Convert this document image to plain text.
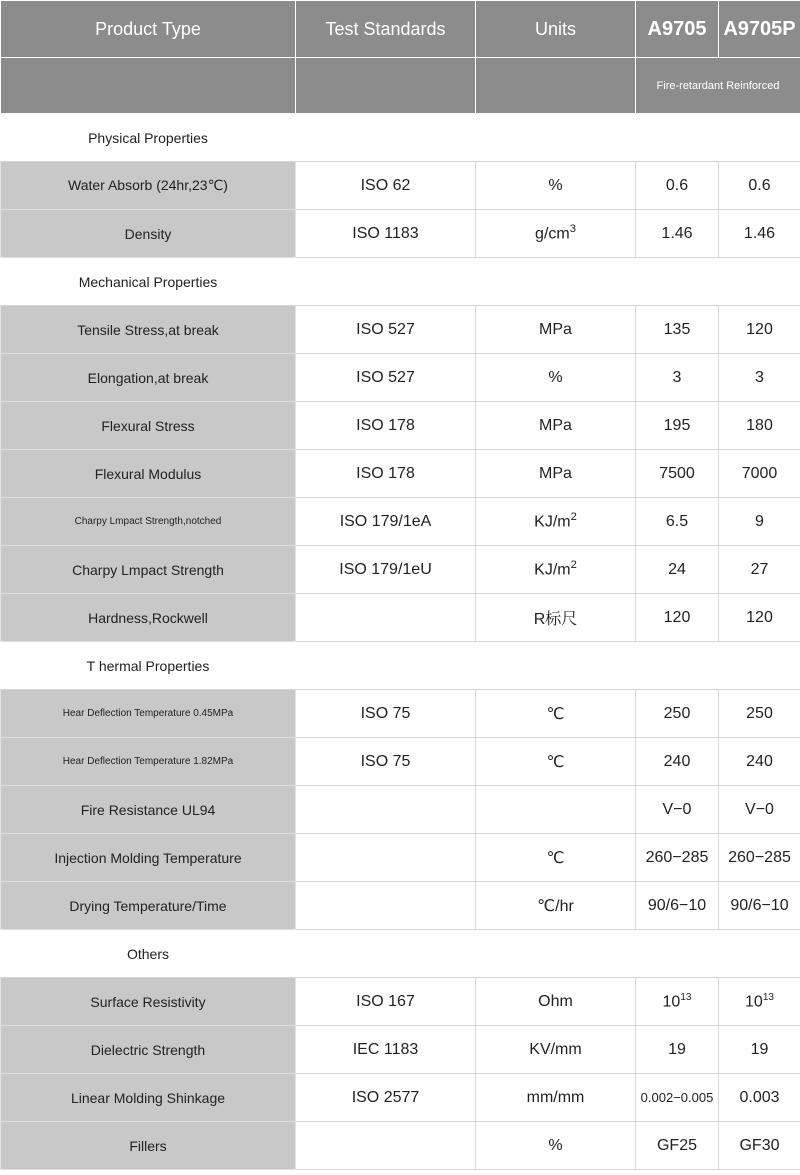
Product Type	Test Standards	Units	A9705	A9705P
			Fire-retardant Reinforced	
Physical Properties				
Water Absorb (24hr,23℃)	ISO 62	%	0.6	0.6
Density	ISO 1183	$g/cm^3$	1.46	1.46
Mechanical Properties				
Tensile Stress,at break	ISO 527	MPa	135	120
Elongation,at break	ISO 527	%	3	3
Flexural Stress	ISO 178	MPa	195	180
Flexural Modulus	ISO 178	MPa	7500	7000
Charpy Lmpact Strength,notched	ISO 179/1eA	$KJ/m^2$	6.5	9
Charpy Lmpact Strength	ISO 179/1eU	$KJ/m^2$	24	27
Hardness,Rockwell		R标尺	120	120
T hermal Properties				
Hear Deflection Temperature 0.45MPa	ISO 75	℃	250	250
Hear Deflection Temperature 1.82MPa	ISO 75	℃	240	240
Fire Resistance UL94			V−0	V−0
Injection Molding Temperature		℃	260−285	260−285
Drying Temperature/Time		℃/hr	90/6−10	90/6−10
Others				
Surface Resistivity	ISO 167	Ohm	$10^{13}$	$10^{13}$
Dielectric Strength	IEC 1183	KV/mm	19	19
Linear Molding Shinkage	ISO 2577	mm/mm	0.002−0.005	0.003
Fillers		%	GF25	GF30
